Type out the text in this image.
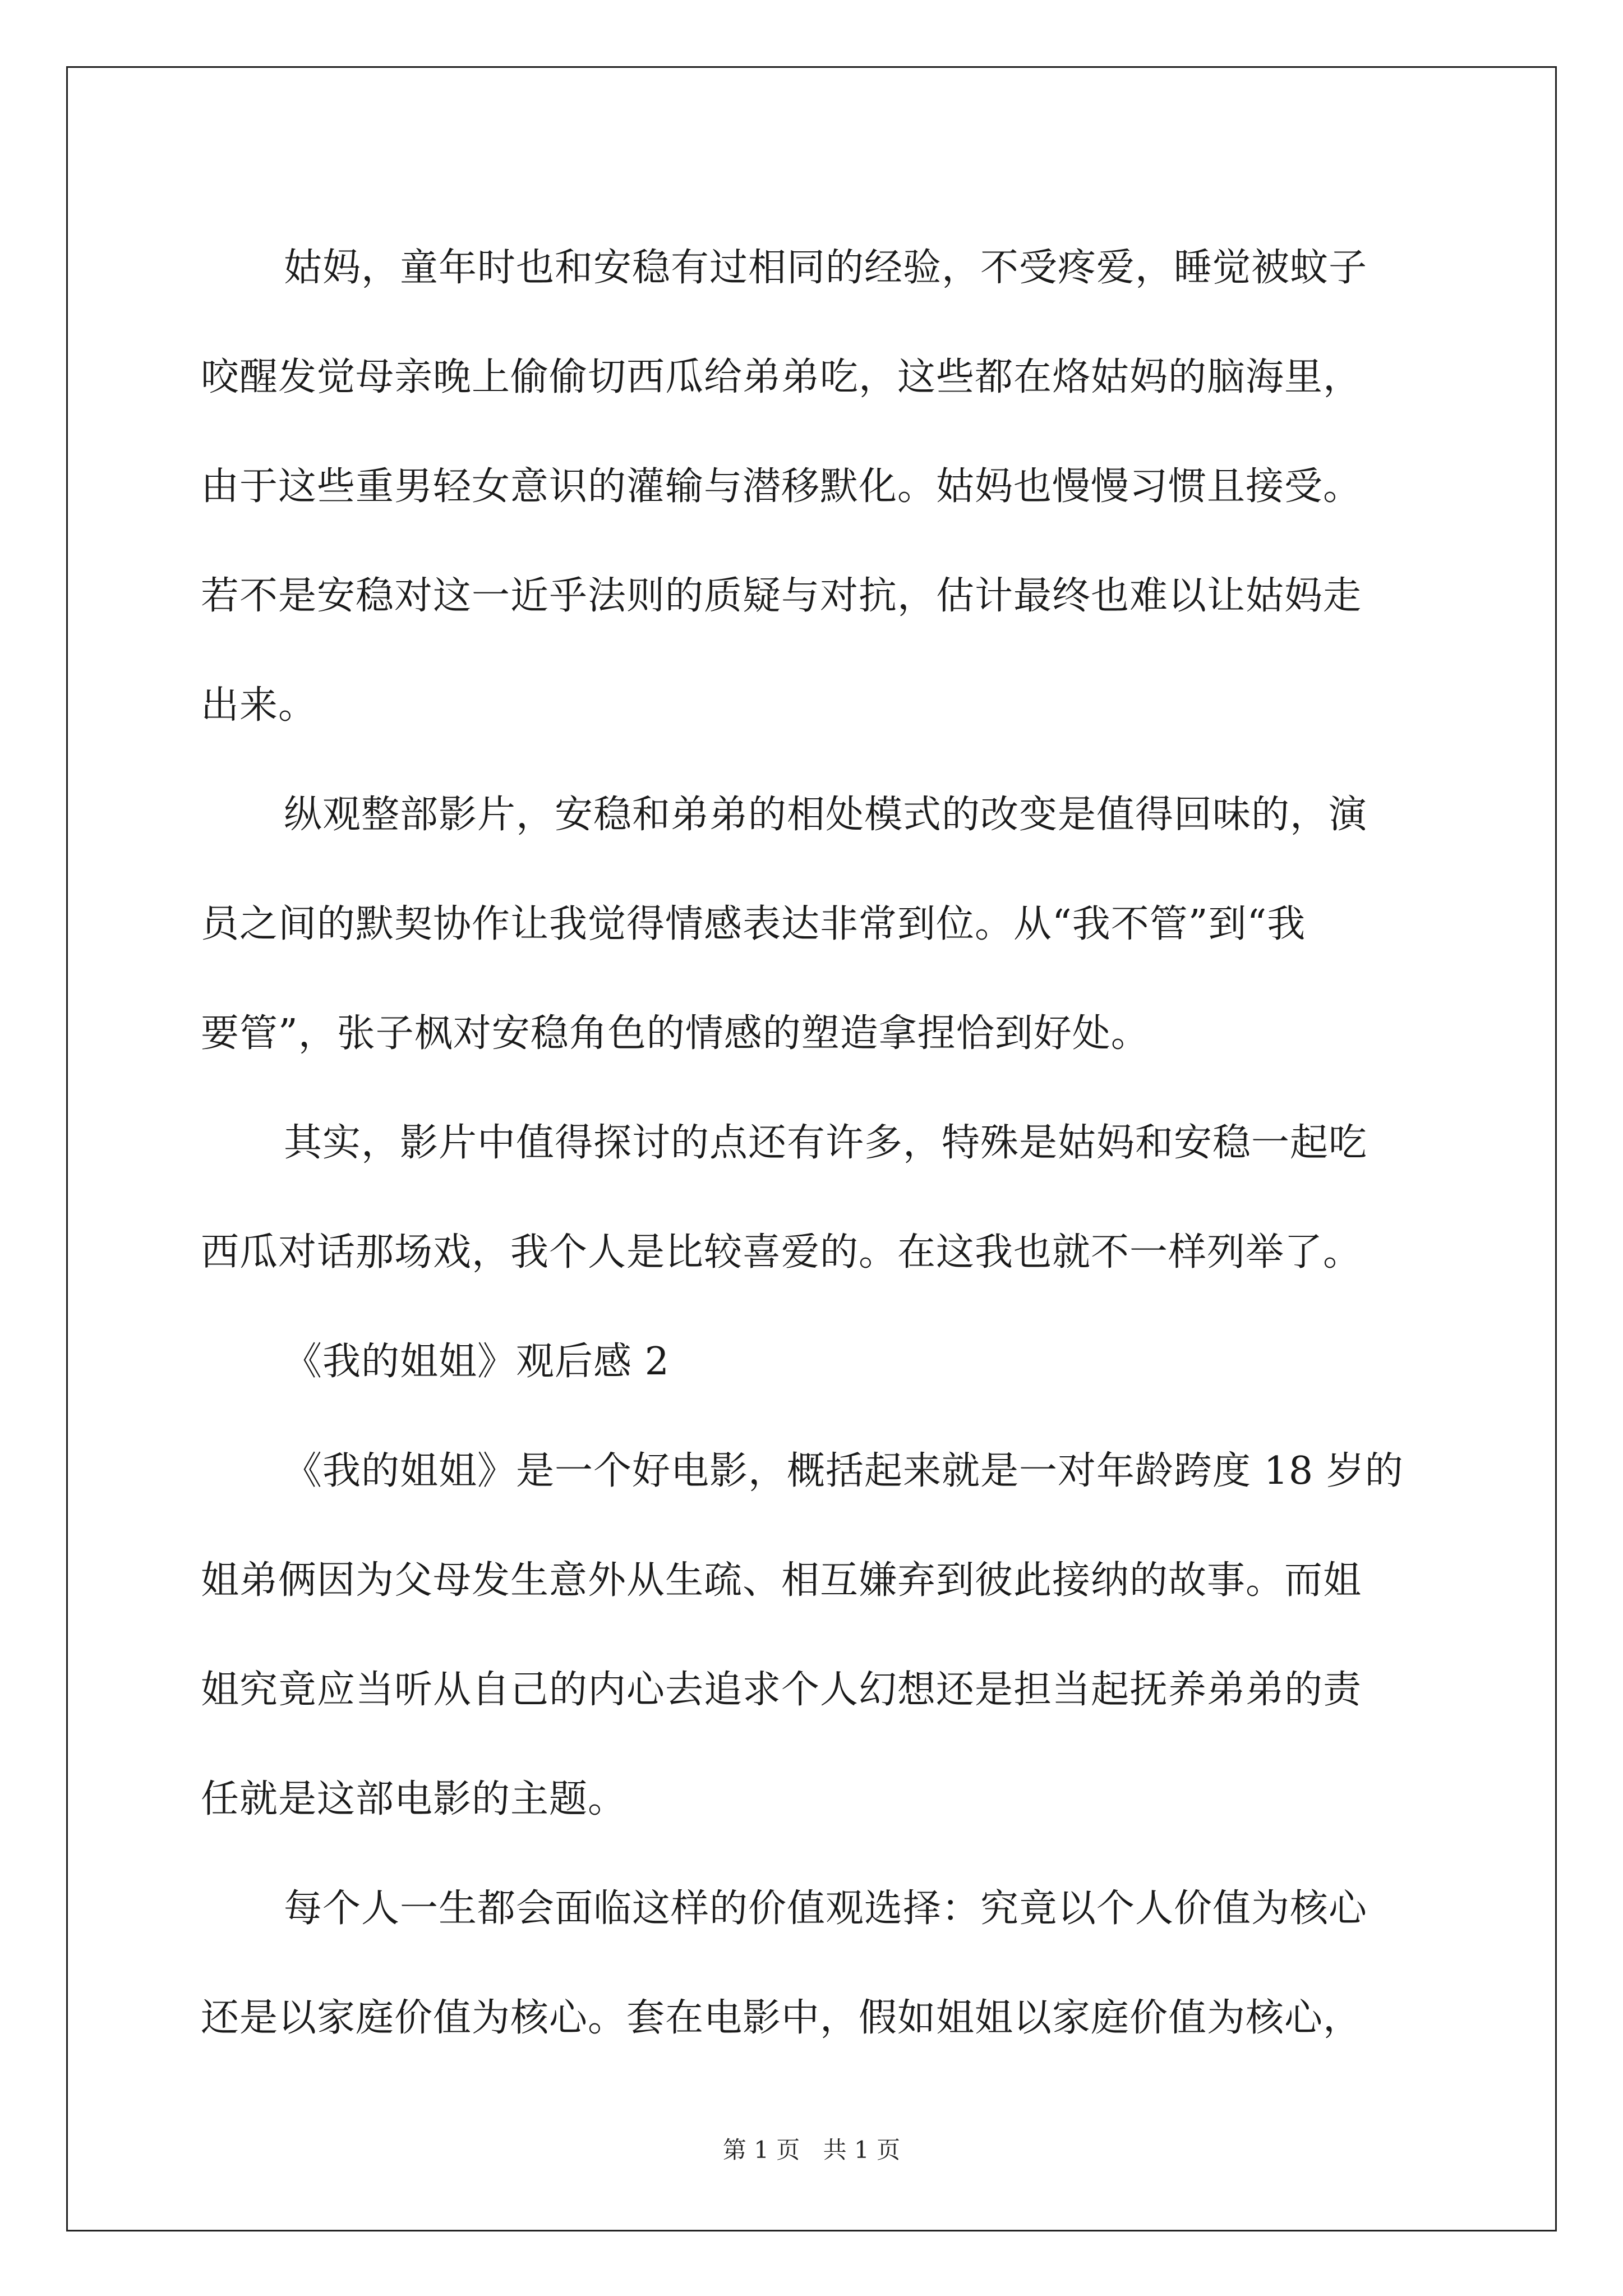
姑妈，童年时也和安稳有过相同的经验，不受疼爱，睡觉被蚊子
咬醒发觉母亲晚上偷偷切西瓜给弟弟吃，这些都在烙姑妈的脑海里，
由于这些重男轻女意识的灌输与潜移默化。姑妈也慢慢习惯且接受。
若不是安稳对这一近乎法则的质疑与对抗，估计最终也难以让姑妈走
出来。
纵观整部影片，安稳和弟弟的相处模式的改变是值得回味的，演
员之间的默契协作让我觉得情感表达非常到位。从“我不管”到“我
要管”，张子枫对安稳角色的情感的塑造拿捏恰到好处。
其实，影片中值得探讨的点还有许多，特殊是姑妈和安稳一起吃
西瓜对话那场戏，我个人是比较喜爱的。在这我也就不一样列举了。
《我的姐姐》观后感 2
《我的姐姐》是一个好电影，概括起来就是一对年龄跨度 18 岁的
姐弟俩因为父母发生意外从生疏、相互嫌弃到彼此接纳的故事。而姐
姐究竟应当听从自己的内心去追求个人幻想还是担当起抚养弟弟的责
任就是这部电影的主题。
每个人一生都会面临这样的价值观选择：究竟以个人价值为核心
还是以家庭价值为核心。套在电影中，假如姐姐以家庭价值为核心，
第 1 页 共 1 页
